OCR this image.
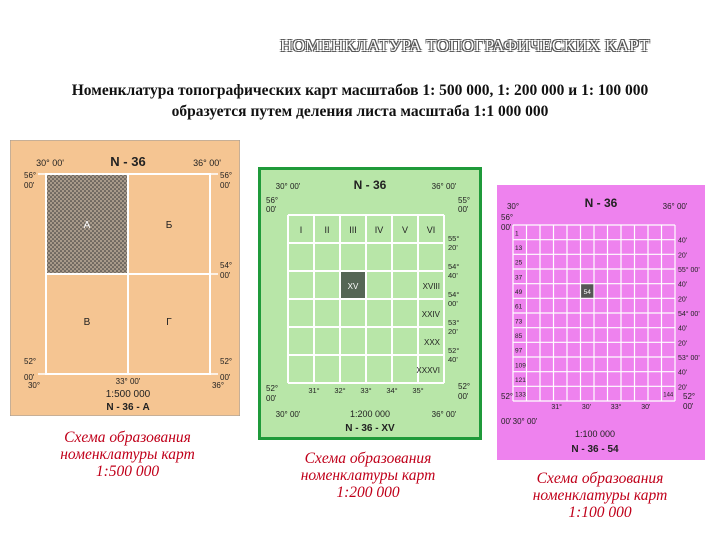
НОМЕНКЛАТУРА ТОПОГРАФИЧЕСКИХ КАРТ
Номенклатура топографических карт масштабов 1: 500 000, 1: 200 000 и 1: 100 000
образуется путем деления листа масштаба 1:1 000 000
N - 36
30° 00'	36° 00'
56°
00'
56°
00'
54°
00'
52°
00'
52°
00'
А	Б
В	Г
30°	33° 00'	36°
1:500 000
N - 36 - А
Схема образования
номенклатуры карт
1:500 000
30° 00'	N - 36	36° 00'
56°
00'
55°
00'
I II III IV V VI
XVIII
XXIV
XXX
XXXVI
XV
55°
20'
54°
40'
54°
00'
53°
20'
52°
40'
31° 32° 33° 34° 35°
52°
00'
52°
00'
30° 00'	36° 00'
1:200 000
N - 36 - XV
Схема образования
номенклатуры карт
1:200 000
30°	N - 36	36° 00'
56°
00'
1
13
25
37
49
61
73
85
97
109
121
133
54
144
40'
20'
55° 00'
40'
20'
54° 00'
40'
20'
53° 00'
40'
20'
31°	30'	33°	30'
52°
00'
52°
00'
30° 00'
1:100 000
N - 36 - 54
Схема образования
номенклатуры карт
1:100 000
